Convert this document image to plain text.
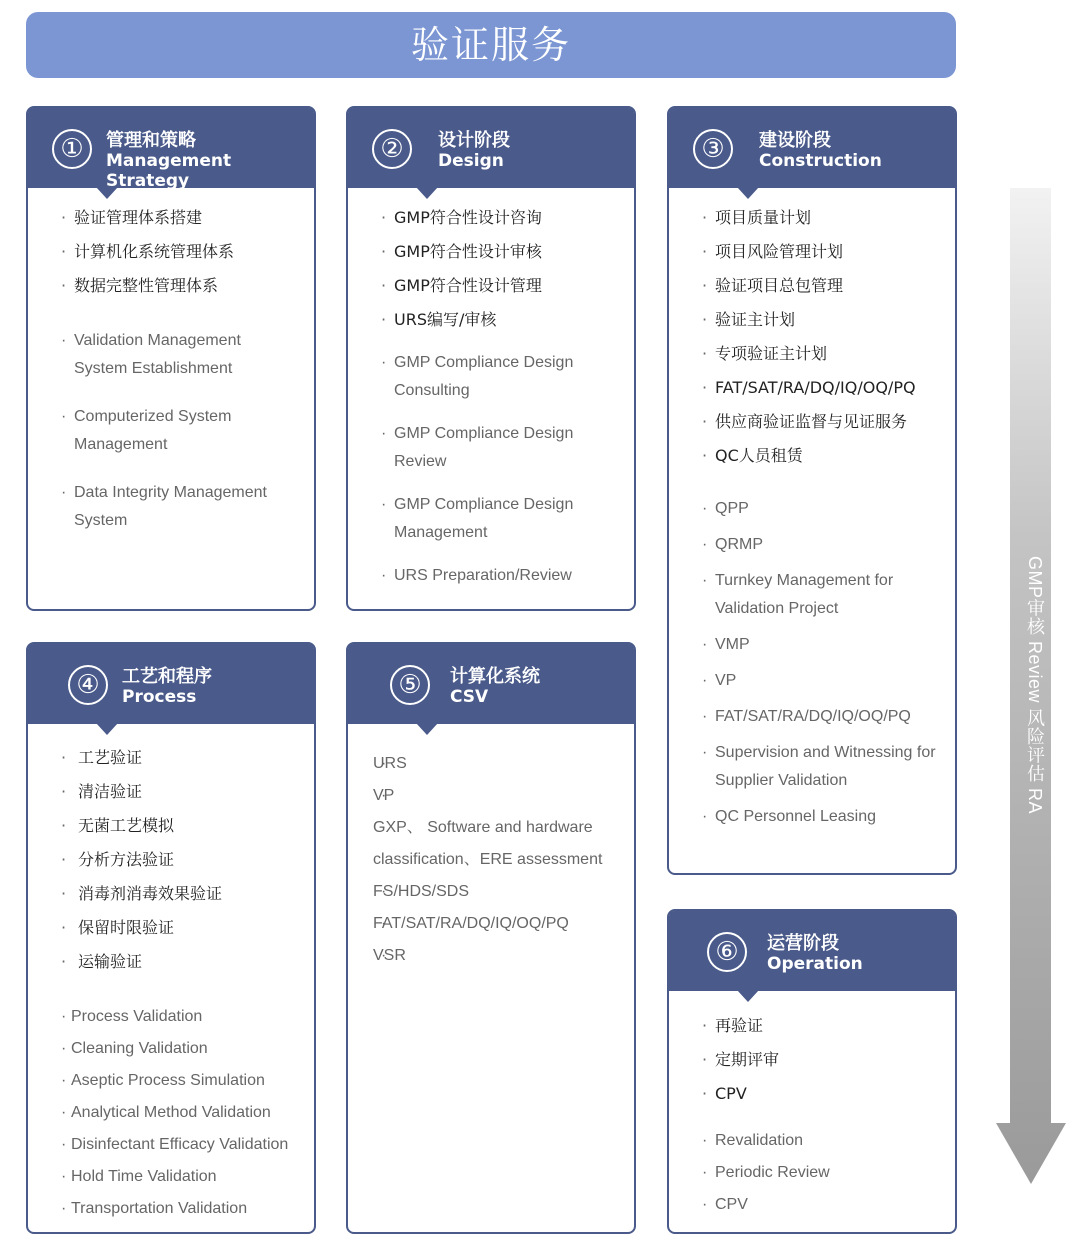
验证服务
①	管理和策略
Management Strategy
· 验证管理体系搭建
· 计算机化系统管理体系
· 数据完整性管理体系
· Validation Management System Establishment
· Computerized System Management
· Data Integrity Management System
②	设计阶段
Design
· GMP符合性设计咨询
· GMP符合性设计审核
· GMP符合性设计管理
· URS编写/审核
· GMP Compliance Design Consulting
· GMP Compliance Design Review
· GMP Compliance Design Management
· URS Preparation/Review
③	建设阶段
Construction
· 项目质量计划
· 项目风险管理计划
· 验证项目总包管理
· 验证主计划
· 专项验证主计划
· FAT/SAT/RA/DQ/IQ/OQ/PQ
· 供应商验证监督与见证服务
· QC人员租赁
· QPP
· QRMP
· Turnkey Management for Validation Project
· VMP
· VP
· FAT/SAT/RA/DQ/IQ/OQ/PQ
· Supervision and Witnessing for Supplier Validation
· QC Personnel Leasing
④	工艺和程序
Process
· 工艺验证
· 清洁验证
· 无菌工艺模拟
· 分析方法验证
· 消毒剂消毒效果验证
· 保留时限验证
· 运输验证
· Process Validation
· Cleaning Validation
· Aseptic Process Simulation
· Analytical Method Validation
· Disinfectant Efficacy Validation
· Hold Time Validation
· Transportation Validation
⑤	计算化系统
CSV
· URS
· VP
· GXP、 Software and hardware classification、ERE assessment
· FS/HDS/SDS
· FAT/SAT/RA/DQ/IQ/OQ/PQ
· VSR	⑥	运营阶段
Operation
· 再验证
· 定期评审
· CPV
· Revalidation
· Periodic Review
· CPV
GMP审核 Review 风险评估 RA
